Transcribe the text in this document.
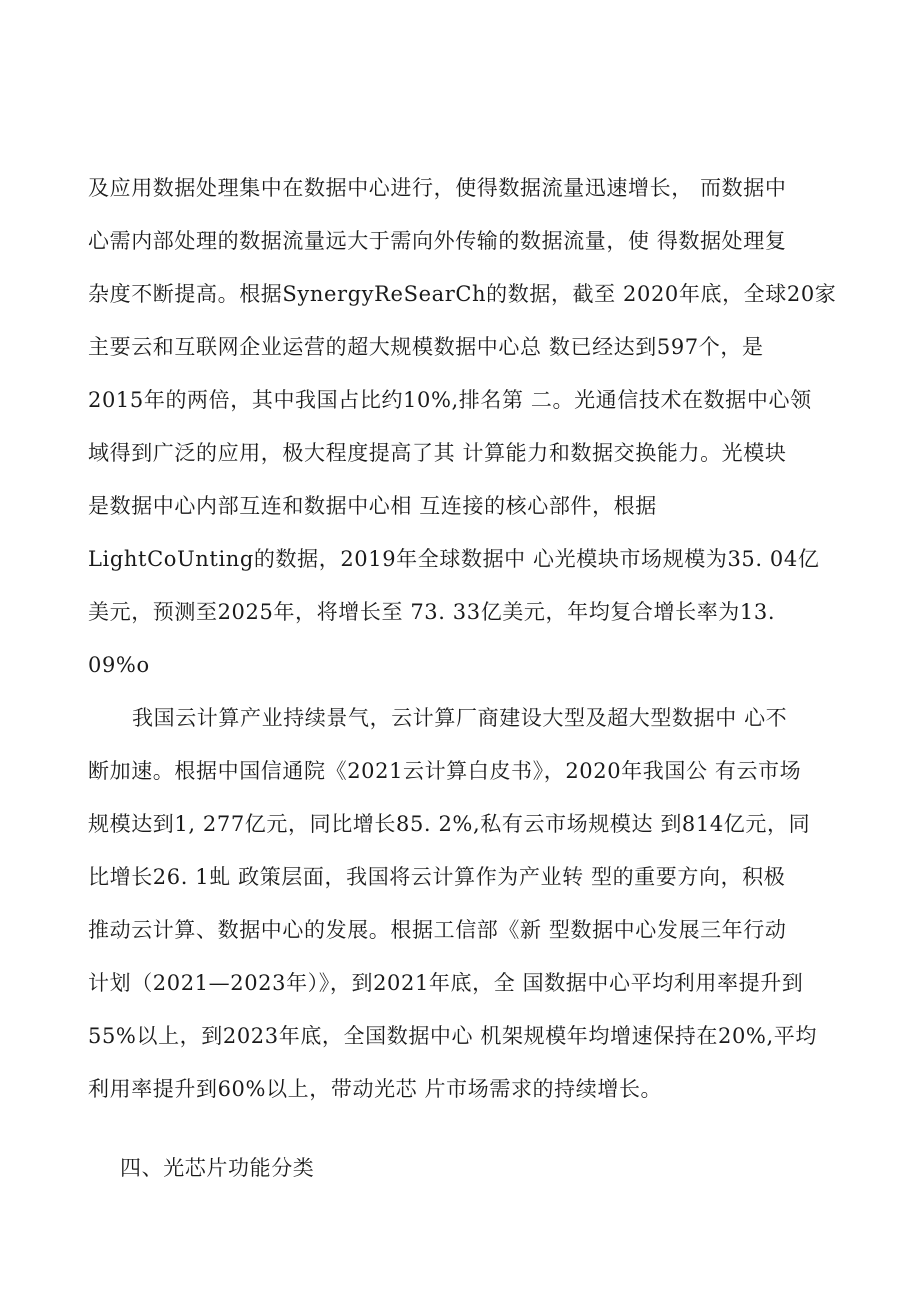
及应用数据处理集中在数据中心进行，使得数据流量迅速增长， 而数据中
心需内部处理的数据流量远大于需向外传输的数据流量，使 得数据处理复
杂度不断提高。根据SynergyReSearCh的数据，截至 2020年底，全球20家
主要云和互联网企业运营的超大规模数据中心总 数已经达到597个，是
2015年的两倍，其中我国占比约10%,排名第 二。光通信技术在数据中心领
域得到广泛的应用，极大程度提高了其 计算能力和数据交换能力。光模块
是数据中心内部互连和数据中心相 互连接的核心部件，根据
LightCoUnting的数据，2019年全球数据中 心光模块市场规模为35. 04亿
美元，预测至2025年，将增长至 73. 33亿美元，年均复合增长率为13.
09%o
我国云计算产业持续景气，云计算厂商建设大型及超大型数据中 心不
断加速。根据中国信通院《2021云计算白皮书》，2020年我国公 有云市场
规模达到1, 277亿元，同比增长85. 2%,私有云市场规模达 到814亿元，同
比增长26. 1虬 政策层面，我国将云计算作为产业转 型的重要方向，积极
推动云计算、数据中心的发展。根据工信部《新 型数据中心发展三年行动
计划（2021—2023年）》，到2021年底，全 国数据中心平均利用率提升到
55%以上，到2023年底，全国数据中心 机架规模年均增速保持在20%,平均
利用率提升到60%以上，带动光芯 片市场需求的持续增长。
四、光芯片功能分类
